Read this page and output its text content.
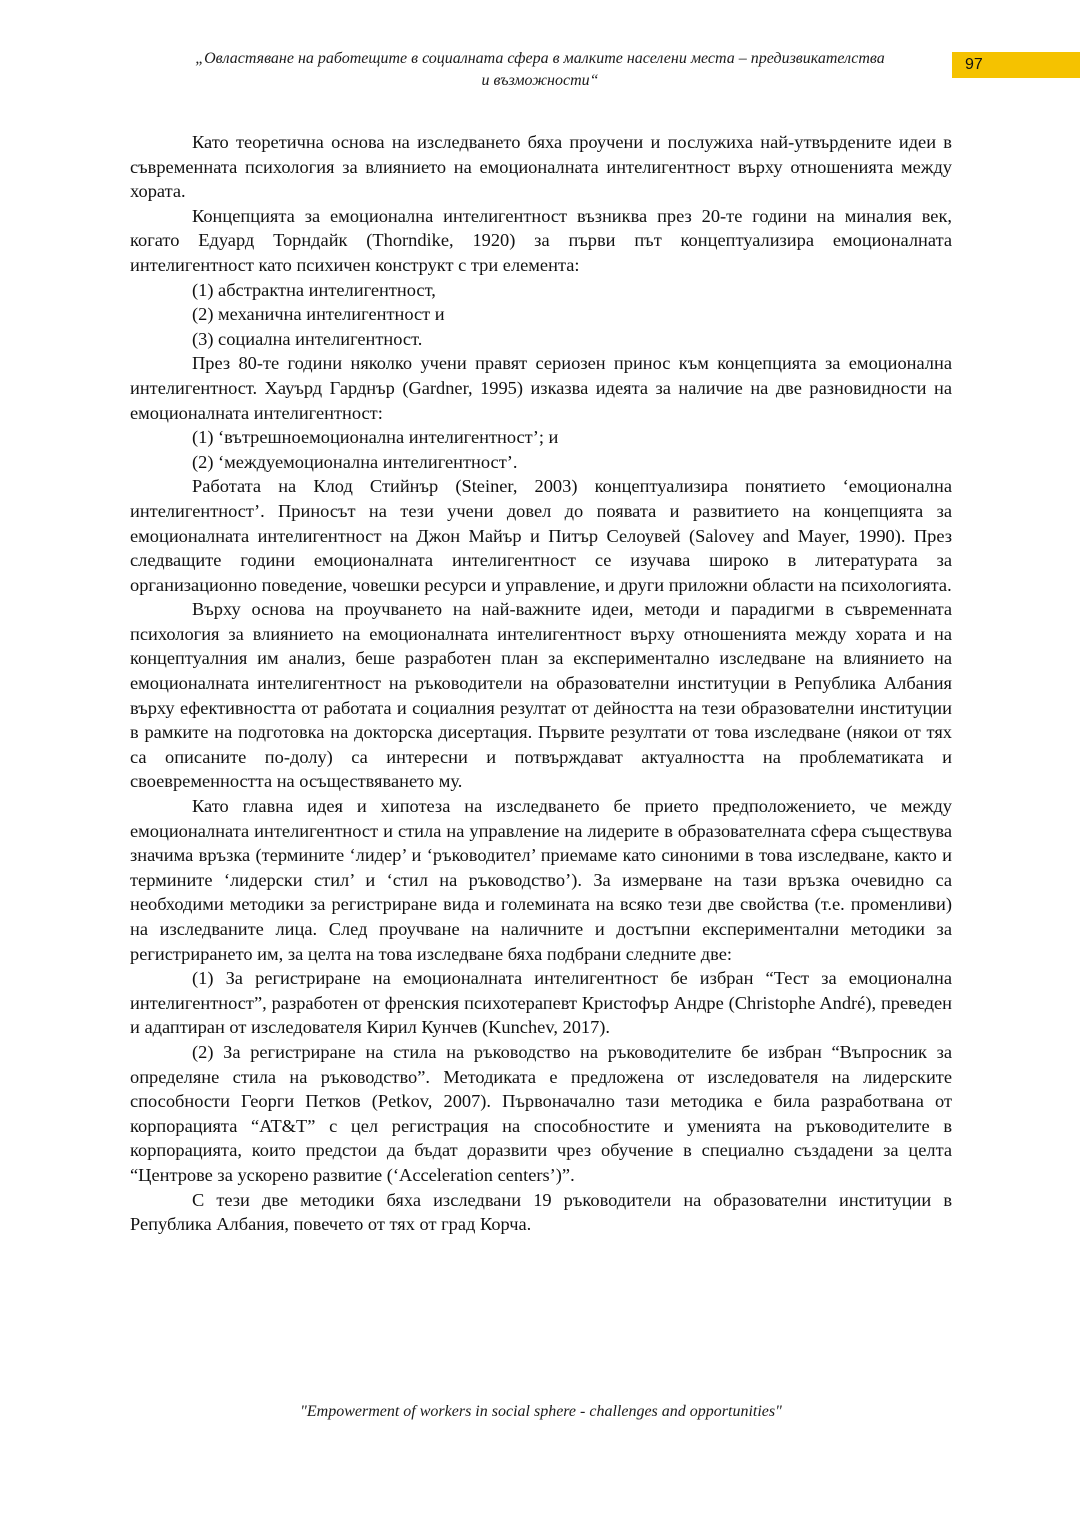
„Овластяване на работещите в социалната сфера в малките населени места – предизвикателства
и възможности“
97

Като теоретична основа на изследването бяха проучени и послужиха най-утвърдените идеи в съвременната психология за влиянието на емоционалната интелигентност върху отношенията между хората.

Концепцията за емоционална интелигентност възниква през 20-те години на миналия век, когато Едуард Торндайк (Thorndike, 1920) за първи път концептуализира емоционалната интелигентност като психичен конструкт с три елемента:

(1) абстрактна интелигентност,

(2) механична интелигентност и

(3) социална интелигентност.

През 80-те години няколко учени правят сериозен принос към концепцията за емоционална интелигентност. Хауърд Гарднър (Gardner, 1995) изказва идеята за наличие на две разновидности на емоционалната интелигентност:

(1) ‘вътрешноемоционална интелигентност’; и

(2) ‘междуемоционална интелигентност’.

Работата на Клод Стийнър (Steiner, 2003) концептуализира понятието ‘емоционална интелигентност’. Приносът на тези учени довел до появата и развитието на концепцията за емоционалната интелигентност на Джон Майър и Питър Селоувей (Salovey and Mayer, 1990). През следващите години емоционалната интелигентност се изучава широко в литературата за организационно поведение, човешки ресурси и управление, и други приложни области на психологията.

Върху основа на проучването на най-важните идеи, методи и парадигми в съвременната психология за влиянието на емоционалната интелигентност върху отношенията между хората и на концептуалния им анализ, беше разработен план за експериментално изследване на влиянието на емоционалната интелигентност на ръководители на образователни институции в Република Албания върху ефективността от работата и социалния резултат от дейността на тези образователни институции в рамките на подготовка на докторска дисертация. Първите резултати от това изследване (някои от тях са описаните по-долу) са интересни и потвърждават актуалността на проблематиката и своевременността на осъществяването му.

Като главна идея и хипотеза на изследването бе прието предположението, че между емоционалната интелигентност и стила на управление на лидерите в образователната сфера съществува значима връзка (термините ‘лидер’ и ‘ръководител’ приемаме като синоними в това изследване, както и термините ‘лидерски стил’ и ‘стил на ръководство’). За измерване на тази връзка очевидно са необходими методики за регистриране вида и големината на всяко тези две свойства (т.е. променливи) на изследваните лица. След проучване на наличните и достъпни експериментални методики за регистрирането им, за целта на това изследване бяха подбрани следните две:

(1) За регистриране на емоционалната интелигентност бе избран “Тест за емоционална интелигентност”, разработен от френския психотерапевт Кристофър Андре (Christophe André), преведен и адаптиран от изследователя Кирил Кунчев (Kunchev, 2017).

(2) За регистриране на стила на ръководство на ръководителите бе избран “Въпросник за определяне стила на ръководство”. Методиката е предложена от изследователя на лидерските способности Георги Петков (Petkov, 2007). Първоначално тази методика е била разработвана от корпорацията “AT&T” с цел регистрация на способностите и уменията на ръководителите в корпорацията, които предстои да бъдат доразвити чрез обучение в специално създадени за целта “Центрове за ускорено развитие (‘Acceleration centers’)”.

С тези две методики бяха изследвани 19 ръководители на образователни институции в Република Албания, повечето от тях от град Корча.

"Empowerment of workers in social sphere - challenges and opportunities"
